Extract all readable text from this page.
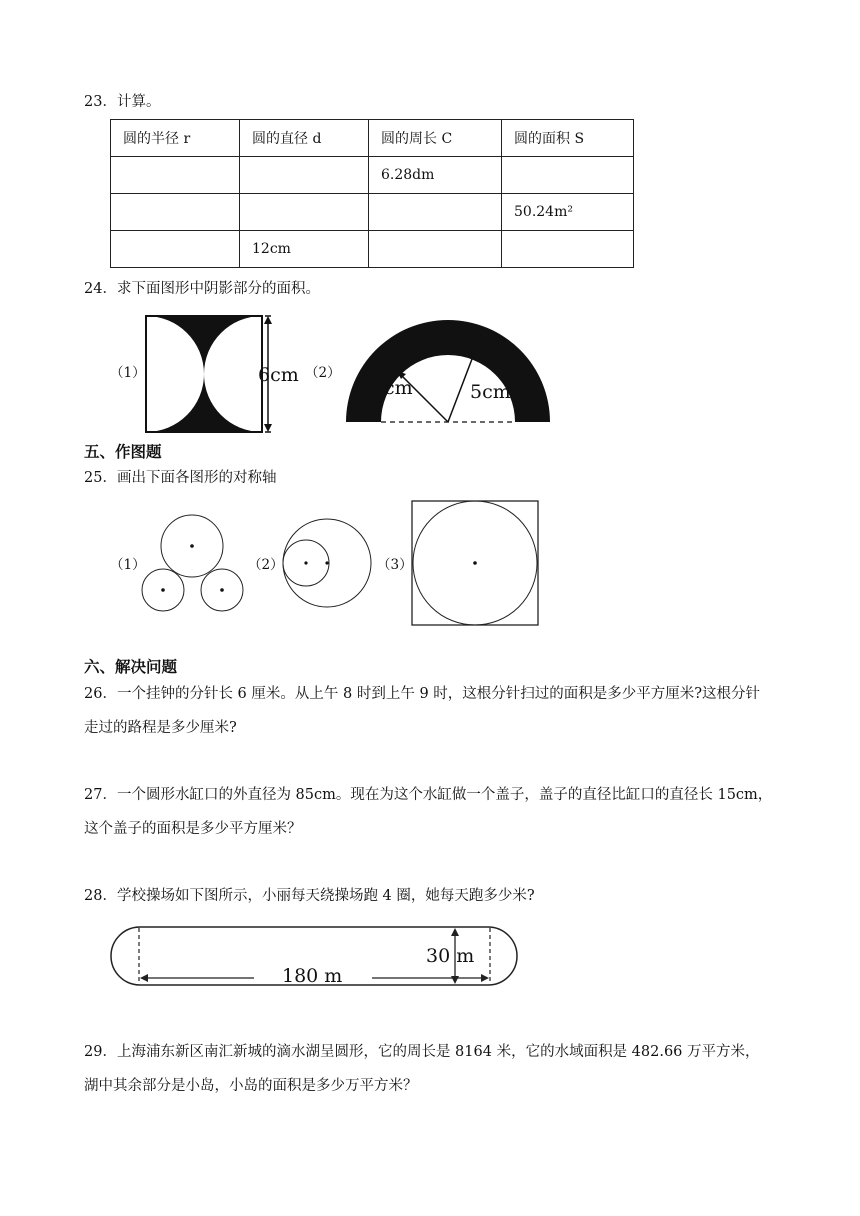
23．计算。
圆的半径 r	圆的直径 d	圆的周长 C	圆的面积 S
		6.28dm	
			50.24m²
	12cm		
24．求下面图形中阴影部分的面积。
（1）	6cm （2）
cm	5cm
五、作图题
25．画出下面各图形的对称轴
（1）	（2）	（3）
六、解决问题
26．一个挂钟的分针长 6 厘米。从上午 8 时到上午 9 时，这根分针扫过的面积是多少平方厘米?这根分针走过的路程是多少厘米?
27．一个圆形水缸口的外直径为 85cm。现在为这个水缸做一个盖子，盖子的直径比缸口的直径长 15cm，这个盖子的面积是多少平方厘米？
28．学校操场如下图所示，小丽每天绕操场跑 4 圈，她每天跑多少米?
180 m
30 m
29．上海浦东新区南汇新城的滴水湖呈圆形，它的周长是 8164 米，它的水域面积是 482.66 万平方米，湖中其余部分是小岛，小岛的面积是多少万平方米？
